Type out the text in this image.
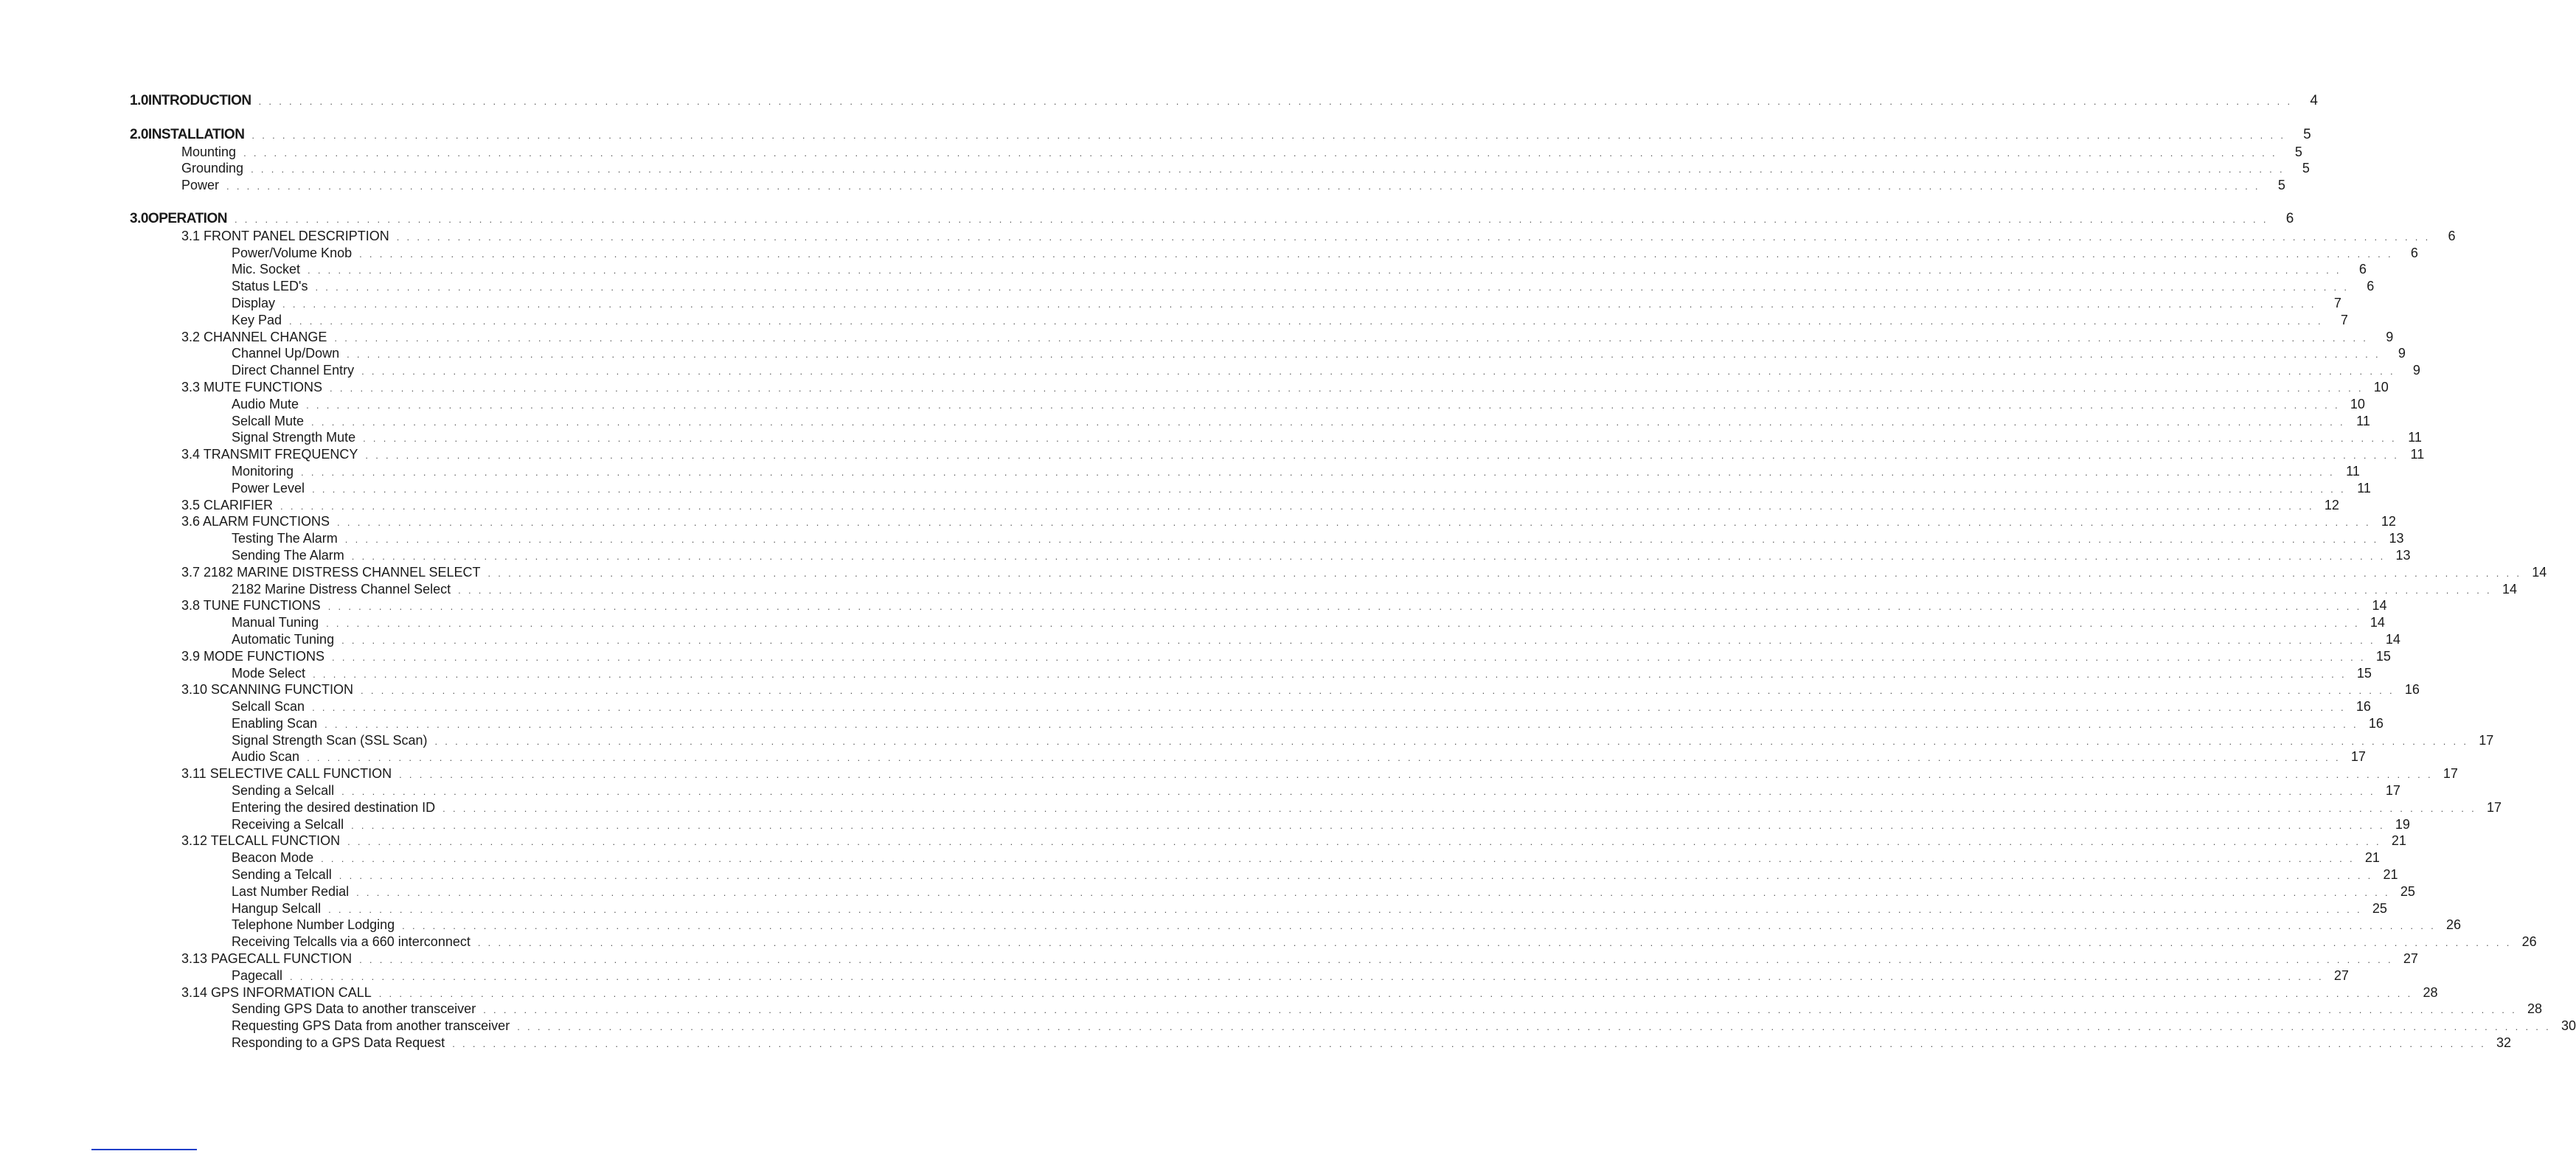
1.0 INTRODUCTION . . . . . . . . . . . . . . . . . . . . . . . . . . . . . . . . . . . . . . . . . . . . . . . . . . . . . . . . . . . . . . . . . . . . . . . . . . . . . . . . . . . . . . . . . . . . . . . . . . . . . . . . . . . . . . . . . . . . . . . . . . . . . . . . . . . . . . . . . . . . . . . . . . . . . . . . . . . . . . . . . . . . . . . . . . . . . . . . . . . . . . . . . . . . . . . . . . . . . . . .	4
2.0 INSTALLATION . . . . . . . . . . . . . . . . . . . . . . . . . . . . . . . . . . . . . . . . . . . . . . . . . . . . . . . . . . . . . . . . . . . . . . . . . . . . . . . . . . . . . . . . . . . . . . . . . . . . . . . . . . . . . . . . . . . . . . . . . . . . . . . . . . . . . . . . . . . . . . . . . . . . . . . . . . . . . . . . . . . . . . . . . . . . . . . . . . . . . . . . . . . . . . . . . . . . . . . .	5
Mounting . . . . . . . . . . . . . . . . . . . . . . . . . . . . . . . . . . . . . . . . . . . . . . . . . . . . . . . . . . . . . . . . . . . . . . . . . . . . . . . . . . . . . . . . . . . . . . . . . . . . . . . . . . . . . . . . . . . . . . . . . . . . . . . . . . . . . . . . . . . . . . . . . . . . . . . . . . . . . . . . . . . . . . . . . . . . . . . . . . . . . . . . . . . . . . . . . . . . . . . .	5
Grounding . . . . . . . . . . . . . . . . . . . . . . . . . . . . . . . . . . . . . . . . . . . . . . . . . . . . . . . . . . . . . . . . . . . . . . . . . . . . . . . . . . . . . . . . . . . . . . . . . . . . . . . . . . . . . . . . . . . . . . . . . . . . . . . . . . . . . . . . . . . . . . . . . . . . . . . . . . . . . . . . . . . . . . . . . . . . . . . . . . . . . . . . . . . . . . . . . . . . . . . .	5
Power . . . . . . . . . . . . . . . . . . . . . . . . . . . . . . . . . . . . . . . . . . . . . . . . . . . . . . . . . . . . . . . . . . . . . . . . . . . . . . . . . . . . . . . . . . . . . . . . . . . . . . . . . . . . . . . . . . . . . . . . . . . . . . . . . . . . . . . . . . . . . . . . . . . . . . . . . . . . . . . . . . . . . . . . . . . . . . . . . . . . . . . . . . . . . . . . . . . . . . . .	5
3.0 OPERATION . . . . . . . . . . . . . . . . . . . . . . . . . . . . . . . . . . . . . . . . . . . . . . . . . . . . . . . . . . . . . . . . . . . . . . . . . . . . . . . . . . . . . . . . . . . . . . . . . . . . . . . . . . . . . . . . . . . . . . . . . . . . . . . . . . . . . . . . . . . . . . . . . . . . . . . . . . . . . . . . . . . . . . . . . . . . . . . . . . . . . . . . . . . . . . . . . . . . . . . .	6
3.1 FRONT PANEL DESCRIPTION . . . . . . . . . . . . . . . . . . . . . . . . . . . . . . . . . . . . . . . . . . . . . . . . . . . . . . . . . . . . . . . . . . . . . . . . . . . . . . . . . . . . . . . . . . . . . . . . . . . . . . . . . . . . . . . . . . . . . . . . . . . . . . . . . . . . . . . . . . . . . . . . . . . . . . . . . . . . . . . . . . . . . . . . . . . . . . . . . . . . . . . . . . . . . . . . . . . . . . . .	6
Power/Volume Knob . . . . . . . . . . . . . . . . . . . . . . . . . . . . . . . . . . . . . . . . . . . . . . . . . . . . . . . . . . . . . . . . . . . . . . . . . . . . . . . . . . . . . . . . . . . . . . . . . . . . . . . . . . . . . . . . . . . . . . . . . . . . . . . . . . . . . . . . . . . . . . . . . . . . . . . . . . . . . . . . . . . . . . . . . . . . . . . . . . . . . . . . . . . . . . . . . . . . . . . .	6
Mic. Socket . . . . . . . . . . . . . . . . . . . . . . . . . . . . . . . . . . . . . . . . . . . . . . . . . . . . . . . . . . . . . . . . . . . . . . . . . . . . . . . . . . . . . . . . . . . . . . . . . . . . . . . . . . . . . . . . . . . . . . . . . . . . . . . . . . . . . . . . . . . . . . . . . . . . . . . . . . . . . . . . . . . . . . . . . . . . . . . . . . . . . . . . . . . . . . . . . . . . . . . .	6
Status LED's . . . . . . . . . . . . . . . . . . . . . . . . . . . . . . . . . . . . . . . . . . . . . . . . . . . . . . . . . . . . . . . . . . . . . . . . . . . . . . . . . . . . . . . . . . . . . . . . . . . . . . . . . . . . . . . . . . . . . . . . . . . . . . . . . . . . . . . . . . . . . . . . . . . . . . . . . . . . . . . . . . . . . . . . . . . . . . . . . . . . . . . . . . . . . . . . . . . . . . . .	6
Display . . . . . . . . . . . . . . . . . . . . . . . . . . . . . . . . . . . . . . . . . . . . . . . . . . . . . . . . . . . . . . . . . . . . . . . . . . . . . . . . . . . . . . . . . . . . . . . . . . . . . . . . . . . . . . . . . . . . . . . . . . . . . . . . . . . . . . . . . . . . . . . . . . . . . . . . . . . . . . . . . . . . . . . . . . . . . . . . . . . . . . . . . . . . . . . . . . . . . . . .	7
Key Pad . . . . . . . . . . . . . . . . . . . . . . . . . . . . . . . . . . . . . . . . . . . . . . . . . . . . . . . . . . . . . . . . . . . . . . . . . . . . . . . . . . . . . . . . . . . . . . . . . . . . . . . . . . . . . . . . . . . . . . . . . . . . . . . . . . . . . . . . . . . . . . . . . . . . . . . . . . . . . . . . . . . . . . . . . . . . . . . . . . . . . . . . . . . . . . . . . . . . . . . .	7
3.2 CHANNEL CHANGE . . . . . . . . . . . . . . . . . . . . . . . . . . . . . . . . . . . . . . . . . . . . . . . . . . . . . . . . . . . . . . . . . . . . . . . . . . . . . . . . . . . . . . . . . . . . . . . . . . . . . . . . . . . . . . . . . . . . . . . . . . . . . . . . . . . . . . . . . . . . . . . . . . . . . . . . . . . . . . . . . . . . . . . . . . . . . . . . . . . . . . . . . . . . . . . . . . . . . . . .	9
Channel Up/Down . . . . . . . . . . . . . . . . . . . . . . . . . . . . . . . . . . . . . . . . . . . . . . . . . . . . . . . . . . . . . . . . . . . . . . . . . . . . . . . . . . . . . . . . . . . . . . . . . . . . . . . . . . . . . . . . . . . . . . . . . . . . . . . . . . . . . . . . . . . . . . . . . . . . . . . . . . . . . . . . . . . . . . . . . . . . . . . . . . . . . . . . . . . . . . . . . . . . . . . .	9
Direct Channel Entry . . . . . . . . . . . . . . . . . . . . . . . . . . . . . . . . . . . . . . . . . . . . . . . . . . . . . . . . . . . . . . . . . . . . . . . . . . . . . . . . . . . . . . . . . . . . . . . . . . . . . . . . . . . . . . . . . . . . . . . . . . . . . . . . . . . . . . . . . . . . . . . . . . . . . . . . . . . . . . . . . . . . . . . . . . . . . . . . . . . . . . . . . . . . . . . . . . . . . . . .	9
3.3 MUTE FUNCTIONS . . . . . . . . . . . . . . . . . . . . . . . . . . . . . . . . . . . . . . . . . . . . . . . . . . . . . . . . . . . . . . . . . . . . . . . . . . . . . . . . . . . . . . . . . . . . . . . . . . . . . . . . . . . . . . . . . . . . . . . . . . . . . . . . . . . . . . . . . . . . . . . . . . . . . . . . . . . . . . . . . . . . . . . . . . . . . . . . . . . . . . . . . . . . . . . . . . . . . . . . 10
Audio Mute . . . . . . . . . . . . . . . . . . . . . . . . . . . . . . . . . . . . . . . . . . . . . . . . . . . . . . . . . . . . . . . . . . . . . . . . . . . . . . . . . . . . . . . . . . . . . . . . . . . . . . . . . . . . . . . . . . . . . . . . . . . . . . . . . . . . . . . . . . . . . . . . . . . . . . . . . . . . . . . . . . . . . . . . . . . . . . . . . . . . . . . . . . . . . . . . . . . . . . . . 10
Selcall Mute . . . . . . . . . . . . . . . . . . . . . . . . . . . . . . . . . . . . . . . . . . . . . . . . . . . . . . . . . . . . . . . . . . . . . . . . . . . . . . . . . . . . . . . . . . . . . . . . . . . . . . . . . . . . . . . . . . . . . . . . . . . . . . . . . . . . . . . . . . . . . . . . . . . . . . . . . . . . . . . . . . . . . . . . . . . . . . . . . . . . . . . . . . . . . . . . . . . . . . . . 11
Signal Strength Mute . . . . . . . . . . . . . . . . . . . . . . . . . . . . . . . . . . . . . . . . . . . . . . . . . . . . . . . . . . . . . . . . . . . . . . . . . . . . . . . . . . . . . . . . . . . . . . . . . . . . . . . . . . . . . . . . . . . . . . . . . . . . . . . . . . . . . . . . . . . . . . . . . . . . . . . . . . . . . . . . . . . . . . . . . . . . . . . . . . . . . . . . . . . . . . . . . . . . . . . . 11
3.4 TRANSMIT FREQUENCY . . . . . . . . . . . . . . . . . . . . . . . . . . . . . . . . . . . . . . . . . . . . . . . . . . . . . . . . . . . . . . . . . . . . . . . . . . . . . . . . . . . . . . . . . . . . . . . . . . . . . . . . . . . . . . . . . . . . . . . . . . . . . . . . . . . . . . . . . . . . . . . . . . . . . . . . . . . . . . . . . . . . . . . . . . . . . . . . . . . . . . . . . . . . . . . . . . . . . . . . 11
Monitoring . . . . . . . . . . . . . . . . . . . . . . . . . . . . . . . . . . . . . . . . . . . . . . . . . . . . . . . . . . . . . . . . . . . . . . . . . . . . . . . . . . . . . . . . . . . . . . . . . . . . . . . . . . . . . . . . . . . . . . . . . . . . . . . . . . . . . . . . . . . . . . . . . . . . . . . . . . . . . . . . . . . . . . . . . . . . . . . . . . . . . . . . . . . . . . . . . . . . . . . . 11
Power Level . . . . . . . . . . . . . . . . . . . . . . . . . . . . . . . . . . . . . . . . . . . . . . . . . . . . . . . . . . . . . . . . . . . . . . . . . . . . . . . . . . . . . . . . . . . . . . . . . . . . . . . . . . . . . . . . . . . . . . . . . . . . . . . . . . . . . . . . . . . . . . . . . . . . . . . . . . . . . . . . . . . . . . . . . . . . . . . . . . . . . . . . . . . . . . . . . . . . . . . . 11
3.5 CLARIFIER . . . . . . . . . . . . . . . . . . . . . . . . . . . . . . . . . . . . . . . . . . . . . . . . . . . . . . . . . . . . . . . . . . . . . . . . . . . . . . . . . . . . . . . . . . . . . . . . . . . . . . . . . . . . . . . . . . . . . . . . . . . . . . . . . . . . . . . . . . . . . . . . . . . . . . . . . . . . . . . . . . . . . . . . . . . . . . . . . . . . . . . . . . . . . . . . . . . . . . . . 12
3.6 ALARM FUNCTIONS . . . . . . . . . . . . . . . . . . . . . . . . . . . . . . . . . . . . . . . . . . . . . . . . . . . . . . . . . . . . . . . . . . . . . . . . . . . . . . . . . . . . . . . . . . . . . . . . . . . . . . . . . . . . . . . . . . . . . . . . . . . . . . . . . . . . . . . . . . . . . . . . . . . . . . . . . . . . . . . . . . . . . . . . . . . . . . . . . . . . . . . . . . . . . . . . . . . . . . . . 12
Testing The Alarm . . . . . . . . . . . . . . . . . . . . . . . . . . . . . . . . . . . . . . . . . . . . . . . . . . . . . . . . . . . . . . . . . . . . . . . . . . . . . . . . . . . . . . . . . . . . . . . . . . . . . . . . . . . . . . . . . . . . . . . . . . . . . . . . . . . . . . . . . . . . . . . . . . . . . . . . . . . . . . . . . . . . . . . . . . . . . . . . . . . . . . . . . . . . . . . . . . . . . . . . 13
Sending The Alarm . . . . . . . . . . . . . . . . . . . . . . . . . . . . . . . . . . . . . . . . . . . . . . . . . . . . . . . . . . . . . . . . . . . . . . . . . . . . . . . . . . . . . . . . . . . . . . . . . . . . . . . . . . . . . . . . . . . . . . . . . . . . . . . . . . . . . . . . . . . . . . . . . . . . . . . . . . . . . . . . . . . . . . . . . . . . . . . . . . . . . . . . . . . . . . . . . . . . . . . . 13
3.7 2182 MARINE DISTRESS CHANNEL SELECT . . . . . . . . . . . . . . . . . . . . . . . . . . . . . . . . . . . . . . . . . . . . . . . . . . . . . . . . . . . . . . . . . . . . . . . . . . . . . . . . . . . . . . . . . . . . . . . . . . . . . . . . . . . . . . . . . . . . . . . . . . . . . . . . . . . . . . . . . . . . . . . . . . . . . . . . . . . . . . . . . . . . . . . . . . . . . . . . . . . . . . . . . . . . . . . . . . . . . . . . 14
2182 Marine Distress Channel Select . . . . . . . . . . . . . . . . . . . . . . . . . . . . . . . . . . . . . . . . . . . . . . . . . . . . . . . . . . . . . . . . . . . . . . . . . . . . . . . . . . . . . . . . . . . . . . . . . . . . . . . . . . . . . . . . . . . . . . . . . . . . . . . . . . . . . . . . . . . . . . . . . . . . . . . . . . . . . . . . . . . . . . . . . . . . . . . . . . . . . . . . . . . . . . . . . . . . . . . . 14
3.8 TUNE FUNCTIONS . . . . . . . . . . . . . . . . . . . . . . . . . . . . . . . . . . . . . . . . . . . . . . . . . . . . . . . . . . . . . . . . . . . . . . . . . . . . . . . . . . . . . . . . . . . . . . . . . . . . . . . . . . . . . . . . . . . . . . . . . . . . . . . . . . . . . . . . . . . . . . . . . . . . . . . . . . . . . . . . . . . . . . . . . . . . . . . . . . . . . . . . . . . . . . . . . . . . . . . . 14
Manual Tuning . . . . . . . . . . . . . . . . . . . . . . . . . . . . . . . . . . . . . . . . . . . . . . . . . . . . . . . . . . . . . . . . . . . . . . . . . . . . . . . . . . . . . . . . . . . . . . . . . . . . . . . . . . . . . . . . . . . . . . . . . . . . . . . . . . . . . . . . . . . . . . . . . . . . . . . . . . . . . . . . . . . . . . . . . . . . . . . . . . . . . . . . . . . . . . . . . . . . . . . . 14
Automatic Tuning . . . . . . . . . . . . . . . . . . . . . . . . . . . . . . . . . . . . . . . . . . . . . . . . . . . . . . . . . . . . . . . . . . . . . . . . . . . . . . . . . . . . . . . . . . . . . . . . . . . . . . . . . . . . . . . . . . . . . . . . . . . . . . . . . . . . . . . . . . . . . . . . . . . . . . . . . . . . . . . . . . . . . . . . . . . . . . . . . . . . . . . . . . . . . . . . . . . . . . . . 14
3.9 MODE FUNCTIONS . . . . . . . . . . . . . . . . . . . . . . . . . . . . . . . . . . . . . . . . . . . . . . . . . . . . . . . . . . . . . . . . . . . . . . . . . . . . . . . . . . . . . . . . . . . . . . . . . . . . . . . . . . . . . . . . . . . . . . . . . . . . . . . . . . . . . . . . . . . . . . . . . . . . . . . . . . . . . . . . . . . . . . . . . . . . . . . . . . . . . . . . . . . . . . . . . . . . . . . . 15
Mode Select . . . . . . . . . . . . . . . . . . . . . . . . . . . . . . . . . . . . . . . . . . . . . . . . . . . . . . . . . . . . . . . . . . . . . . . . . . . . . . . . . . . . . . . . . . . . . . . . . . . . . . . . . . . . . . . . . . . . . . . . . . . . . . . . . . . . . . . . . . . . . . . . . . . . . . . . . . . . . . . . . . . . . . . . . . . . . . . . . . . . . . . . . . . . . . . . . . . . . . . . 15
3.10 SCANNING FUNCTION . . . . . . . . . . . . . . . . . . . . . . . . . . . . . . . . . . . . . . . . . . . . . . . . . . . . . . . . . . . . . . . . . . . . . . . . . . . . . . . . . . . . . . . . . . . . . . . . . . . . . . . . . . . . . . . . . . . . . . . . . . . . . . . . . . . . . . . . . . . . . . . . . . . . . . . . . . . . . . . . . . . . . . . . . . . . . . . . . . . . . . . . . . . . . . . . . . . . . . . . 16
Selcall Scan . . . . . . . . . . . . . . . . . . . . . . . . . . . . . . . . . . . . . . . . . . . . . . . . . . . . . . . . . . . . . . . . . . . . . . . . . . . . . . . . . . . . . . . . . . . . . . . . . . . . . . . . . . . . . . . . . . . . . . . . . . . . . . . . . . . . . . . . . . . . . . . . . . . . . . . . . . . . . . . . . . . . . . . . . . . . . . . . . . . . . . . . . . . . . . . . . . . . . . . . 16
Enabling Scan . . . . . . . . . . . . . . . . . . . . . . . . . . . . . . . . . . . . . . . . . . . . . . . . . . . . . . . . . . . . . . . . . . . . . . . . . . . . . . . . . . . . . . . . . . . . . . . . . . . . . . . . . . . . . . . . . . . . . . . . . . . . . . . . . . . . . . . . . . . . . . . . . . . . . . . . . . . . . . . . . . . . . . . . . . . . . . . . . . . . . . . . . . . . . . . . . . . . . . . . 16
Signal Strength Scan (SSL Scan) . . . . . . . . . . . . . . . . . . . . . . . . . . . . . . . . . . . . . . . . . . . . . . . . . . . . . . . . . . . . . . . . . . . . . . . . . . . . . . . . . . . . . . . . . . . . . . . . . . . . . . . . . . . . . . . . . . . . . . . . . . . . . . . . . . . . . . . . . . . . . . . . . . . . . . . . . . . . . . . . . . . . . . . . . . . . . . . . . . . . . . . . . . . . . . . . . . . . . . . . 17
Audio Scan . . . . . . . . . . . . . . . . . . . . . . . . . . . . . . . . . . . . . . . . . . . . . . . . . . . . . . . . . . . . . . . . . . . . . . . . . . . . . . . . . . . . . . . . . . . . . . . . . . . . . . . . . . . . . . . . . . . . . . . . . . . . . . . . . . . . . . . . . . . . . . . . . . . . . . . . . . . . . . . . . . . . . . . . . . . . . . . . . . . . . . . . . . . . . . . . . . . . . . . . 17
3.11 SELECTIVE CALL FUNCTION . . . . . . . . . . . . . . . . . . . . . . . . . . . . . . . . . . . . . . . . . . . . . . . . . . . . . . . . . . . . . . . . . . . . . . . . . . . . . . . . . . . . . . . . . . . . . . . . . . . . . . . . . . . . . . . . . . . . . . . . . . . . . . . . . . . . . . . . . . . . . . . . . . . . . . . . . . . . . . . . . . . . . . . . . . . . . . . . . . . . . . . . . . . . . . . . . . . . . . . . 17
Sending a Selcall . . . . . . . . . . . . . . . . . . . . . . . . . . . . . . . . . . . . . . . . . . . . . . . . . . . . . . . . . . . . . . . . . . . . . . . . . . . . . . . . . . . . . . . . . . . . . . . . . . . . . . . . . . . . . . . . . . . . . . . . . . . . . . . . . . . . . . . . . . . . . . . . . . . . . . . . . . . . . . . . . . . . . . . . . . . . . . . . . . . . . . . . . . . . . . . . . . . . . . . . 17
Entering the desired destination ID . . . . . . . . . . . . . . . . . . . . . . . . . . . . . . . . . . . . . . . . . . . . . . . . . . . . . . . . . . . . . . . . . . . . . . . . . . . . . . . . . . . . . . . . . . . . . . . . . . . . . . . . . . . . . . . . . . . . . . . . . . . . . . . . . . . . . . . . . . . . . . . . . . . . . . . . . . . . . . . . . . . . . . . . . . . . . . . . . . . . . . . . . . . . . . . . . . . . . . . . 17
Receiving a Selcall . . . . . . . . . . . . . . . . . . . . . . . . . . . . . . . . . . . . . . . . . . . . . . . . . . . . . . . . . . . . . . . . . . . . . . . . . . . . . . . . . . . . . . . . . . . . . . . . . . . . . . . . . . . . . . . . . . . . . . . . . . . . . . . . . . . . . . . . . . . . . . . . . . . . . . . . . . . . . . . . . . . . . . . . . . . . . . . . . . . . . . . . . . . . . . . . . . . . . . . . 19
3.12 TELCALL FUNCTION . . . . . . . . . . . . . . . . . . . . . . . . . . . . . . . . . . . . . . . . . . . . . . . . . . . . . . . . . . . . . . . . . . . . . . . . . . . . . . . . . . . . . . . . . . . . . . . . . . . . . . . . . . . . . . . . . . . . . . . . . . . . . . . . . . . . . . . . . . . . . . . . . . . . . . . . . . . . . . . . . . . . . . . . . . . . . . . . . . . . . . . . . . . . . . . . . . . . . . . . 21
Beacon Mode . . . . . . . . . . . . . . . . . . . . . . . . . . . . . . . . . . . . . . . . . . . . . . . . . . . . . . . . . . . . . . . . . . . . . . . . . . . . . . . . . . . . . . . . . . . . . . . . . . . . . . . . . . . . . . . . . . . . . . . . . . . . . . . . . . . . . . . . . . . . . . . . . . . . . . . . . . . . . . . . . . . . . . . . . . . . . . . . . . . . . . . . . . . . . . . . . . . . . . . . 21
Sending a Telcall . . . . . . . . . . . . . . . . . . . . . . . . . . . . . . . . . . . . . . . . . . . . . . . . . . . . . . . . . . . . . . . . . . . . . . . . . . . . . . . . . . . . . . . . . . . . . . . . . . . . . . . . . . . . . . . . . . . . . . . . . . . . . . . . . . . . . . . . . . . . . . . . . . . . . . . . . . . . . . . . . . . . . . . . . . . . . . . . . . . . . . . . . . . . . . . . . . . . . . . . 21
Last Number Redial . . . . . . . . . . . . . . . . . . . . . . . . . . . . . . . . . . . . . . . . . . . . . . . . . . . . . . . . . . . . . . . . . . . . . . . . . . . . . . . . . . . . . . . . . . . . . . . . . . . . . . . . . . . . . . . . . . . . . . . . . . . . . . . . . . . . . . . . . . . . . . . . . . . . . . . . . . . . . . . . . . . . . . . . . . . . . . . . . . . . . . . . . . . . . . . . . . . . . . . . 25
Hangup Selcall . . . . . . . . . . . . . . . . . . . . . . . . . . . . . . . . . . . . . . . . . . . . . . . . . . . . . . . . . . . . . . . . . . . . . . . . . . . . . . . . . . . . . . . . . . . . . . . . . . . . . . . . . . . . . . . . . . . . . . . . . . . . . . . . . . . . . . . . . . . . . . . . . . . . . . . . . . . . . . . . . . . . . . . . . . . . . . . . . . . . . . . . . . . . . . . . . . . . . . . . 25
Telephone Number Lodging . . . . . . . . . . . . . . . . . . . . . . . . . . . . . . . . . . . . . . . . . . . . . . . . . . . . . . . . . . . . . . . . . . . . . . . . . . . . . . . . . . . . . . . . . . . . . . . . . . . . . . . . . . . . . . . . . . . . . . . . . . . . . . . . . . . . . . . . . . . . . . . . . . . . . . . . . . . . . . . . . . . . . . . . . . . . . . . . . . . . . . . . . . . . . . . . . . . . . . . . 26
Receiving Telcalls via a 660 interconnect . . . . . . . . . . . . . . . . . . . . . . . . . . . . . . . . . . . . . . . . . . . . . . . . . . . . . . . . . . . . . . . . . . . . . . . . . . . . . . . . . . . . . . . . . . . . . . . . . . . . . . . . . . . . . . . . . . . . . . . . . . . . . . . . . . . . . . . . . . . . . . . . . . . . . . . . . . . . . . . . . . . . . . . . . . . . . . . . . . . . . . . . . . . . . . . . . . . . . . . . 26
3.13 PAGECALL FUNCTION . . . . . . . . . . . . . . . . . . . . . . . . . . . . . . . . . . . . . . . . . . . . . . . . . . . . . . . . . . . . . . . . . . . . . . . . . . . . . . . . . . . . . . . . . . . . . . . . . . . . . . . . . . . . . . . . . . . . . . . . . . . . . . . . . . . . . . . . . . . . . . . . . . . . . . . . . . . . . . . . . . . . . . . . . . . . . . . . . . . . . . . . . . . . . . . . . . . . . . . . 27
Pagecall . . . . . . . . . . . . . . . . . . . . . . . . . . . . . . . . . . . . . . . . . . . . . . . . . . . . . . . . . . . . . . . . . . . . . . . . . . . . . . . . . . . . . . . . . . . . . . . . . . . . . . . . . . . . . . . . . . . . . . . . . . . . . . . . . . . . . . . . . . . . . . . . . . . . . . . . . . . . . . . . . . . . . . . . . . . . . . . . . . . . . . . . . . . . . . . . . . . . . . . . 27
3.14 GPS INFORMATION CALL . . . . . . . . . . . . . . . . . . . . . . . . . . . . . . . . . . . . . . . . . . . . . . . . . . . . . . . . . . . . . . . . . . . . . . . . . . . . . . . . . . . . . . . . . . . . . . . . . . . . . . . . . . . . . . . . . . . . . . . . . . . . . . . . . . . . . . . . . . . . . . . . . . . . . . . . . . . . . . . . . . . . . . . . . . . . . . . . . . . . . . . . . . . . . . . . . . . . . . . . 28
Sending GPS Data to another transceiver . . . . . . . . . . . . . . . . . . . . . . . . . . . . . . . . . . . . . . . . . . . . . . . . . . . . . . . . . . . . . . . . . . . . . . . . . . . . . . . . . . . . . . . . . . . . . . . . . . . . . . . . . . . . . . . . . . . . . . . . . . . . . . . . . . . . . . . . . . . . . . . . . . . . . . . . . . . . . . . . . . . . . . . . . . . . . . . . . . . . . . . . . . . . . . . . . . . . . . . . 28
Requesting GPS Data from another transceiver . . . . . . . . . . . . . . . . . . . . . . . . . . . . . . . . . . . . . . . . . . . . . . . . . . . . . . . . . . . . . . . . . . . . . . . . . . . . . . . . . . . . . . . . . . . . . . . . . . . . . . . . . . . . . . . . . . . . . . . . . . . . . . . . . . . . . . . . . . . . . . . . . . . . . . . . . . . . . . . . . . . . . . . . . . . . . . . . . . . . . . . . . . . . . . . . . . . . . . . . 30
Responding to a GPS Data Request . . . . . . . . . . . . . . . . . . . . . . . . . . . . . . . . . . . . . . . . . . . . . . . . . . . . . . . . . . . . . . . . . . . . . . . . . . . . . . . . . . . . . . . . . . . . . . . . . . . . . . . . . . . . . . . . . . . . . . . . . . . . . . . . . . . . . . . . . . . . . . . . . . . . . . . . . . . . . . . . . . . . . . . . . . . . . . . . . . . . . . . . . . . . . . . . . . . . . . . . 32
